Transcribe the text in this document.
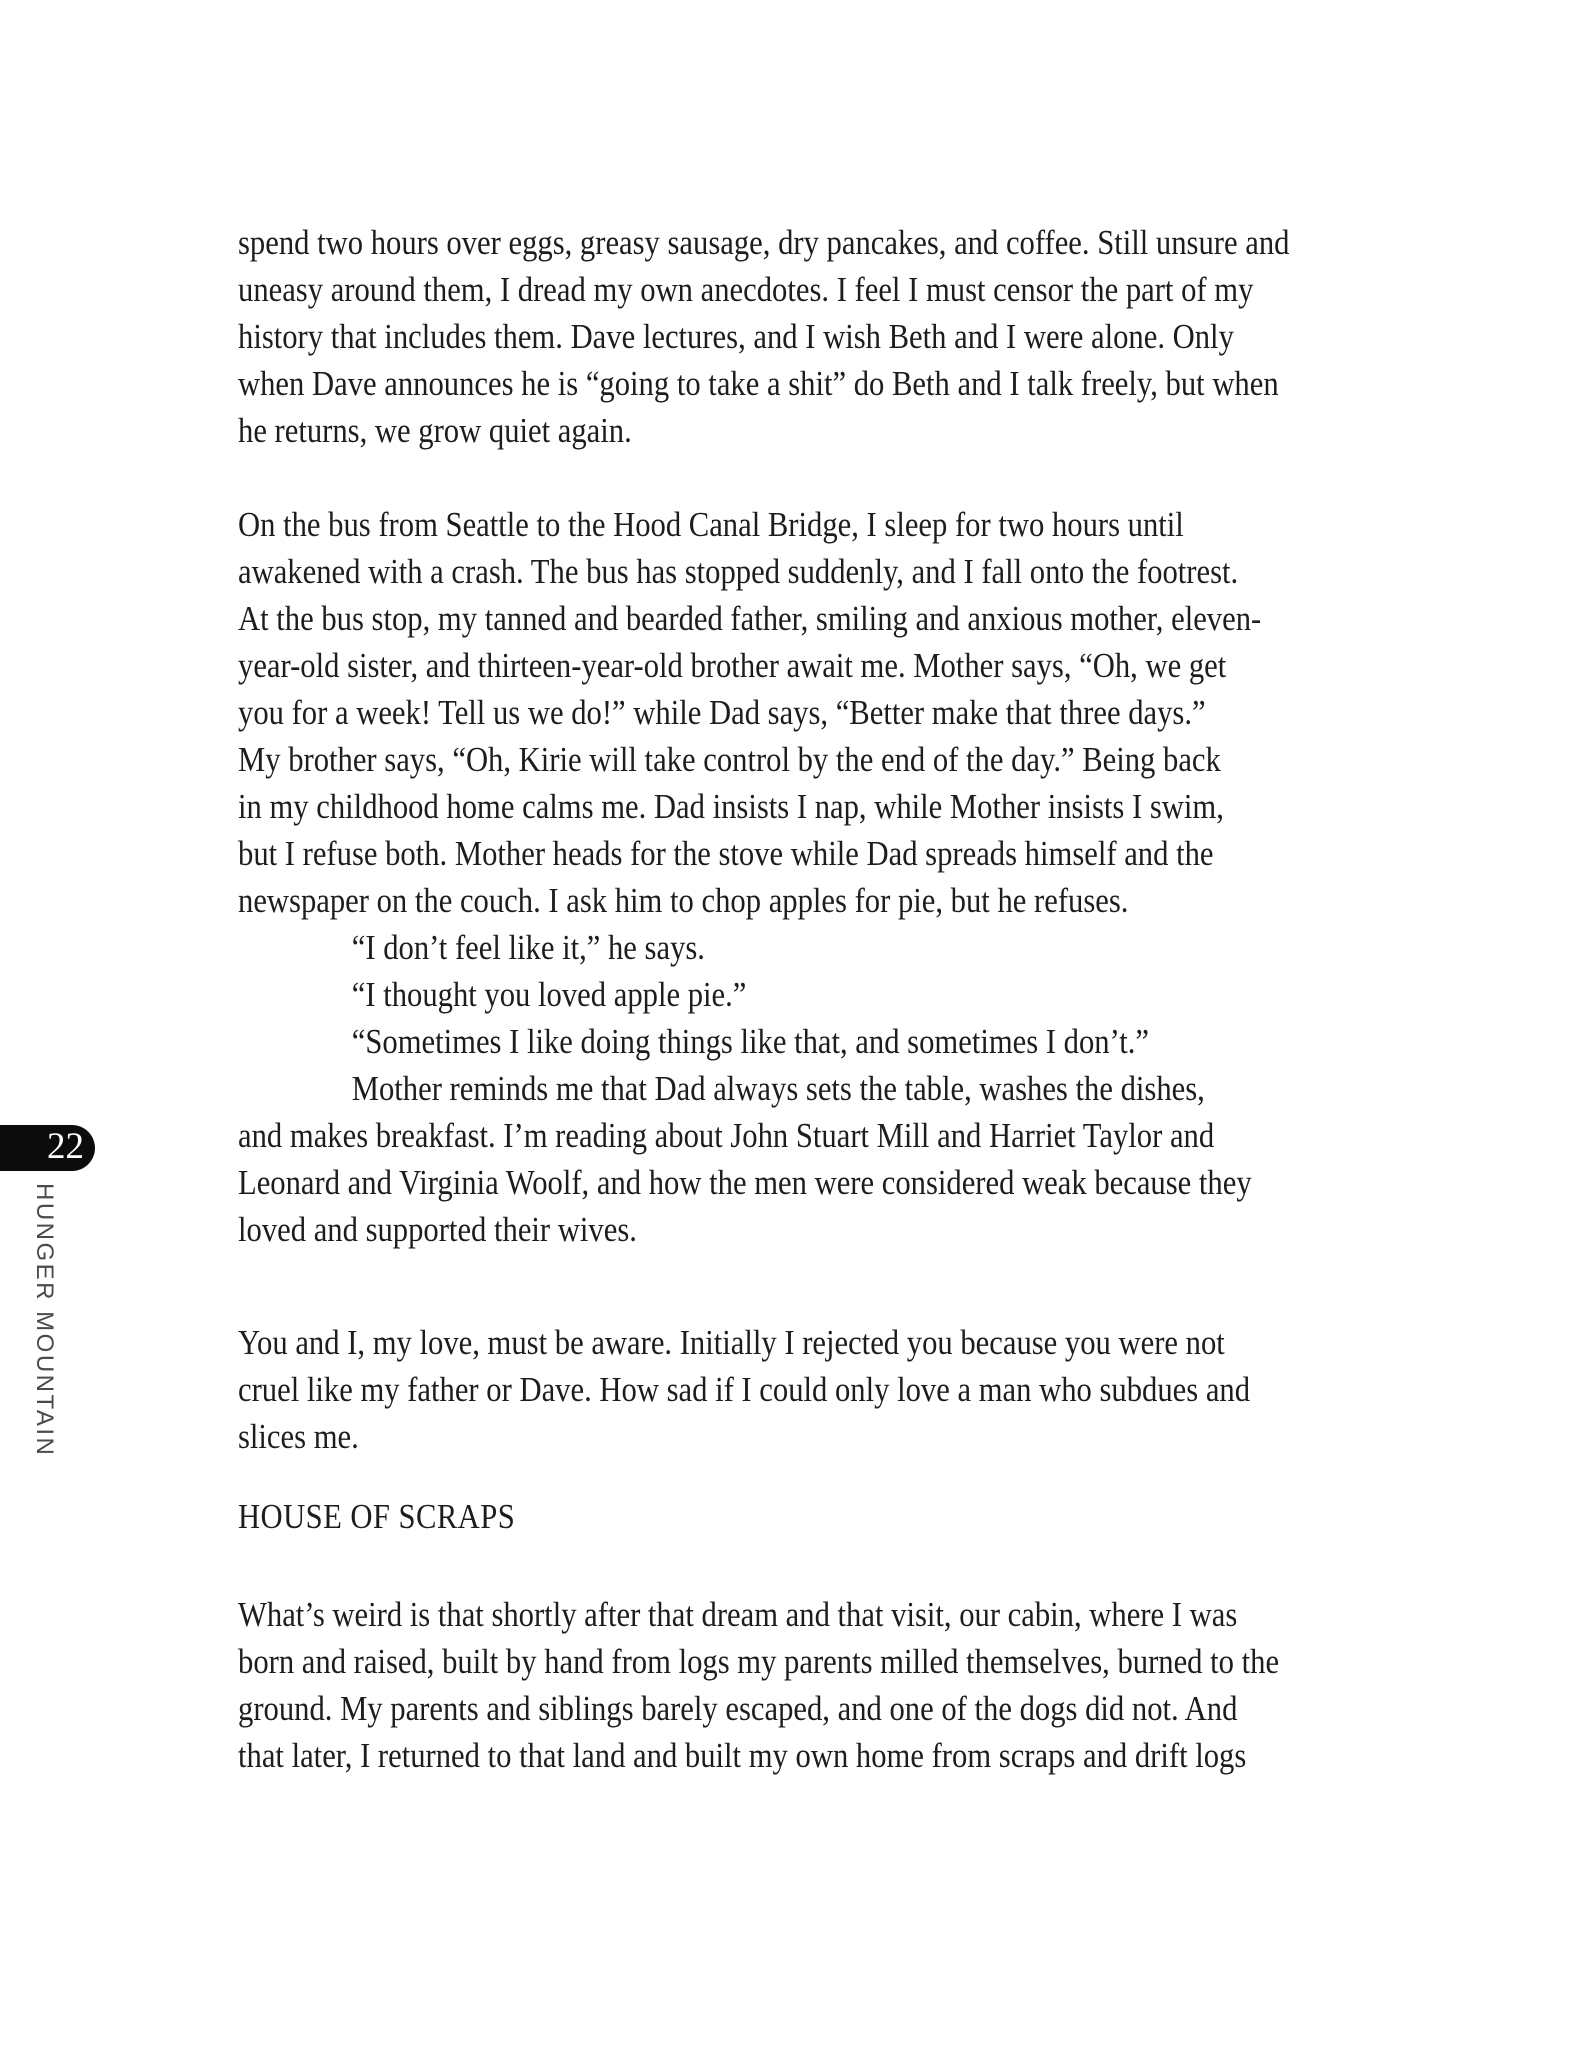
22
HUNGER MOUNTAIN
spend two hours over eggs, greasy sausage, dry pancakes, and coffee. Still unsure and
uneasy around them, I dread my own anecdotes. I feel I must censor the part of my
history that includes them. Dave lectures, and I wish Beth and I were alone. Only
when Dave announces he is “going to take a shit” do Beth and I talk freely, but when
he returns, we grow quiet again.
On the bus from Seattle to the Hood Canal Bridge, I sleep for two hours until
awakened with a crash. The bus has stopped suddenly, and I fall onto the footrest.
At the bus stop, my tanned and bearded father, smiling and anxious mother, eleven-
year-old sister, and thirteen-year-old brother await me. Mother says, “Oh, we get
you for a week! Tell us we do!” while Dad says, “Better make that three days.”
My brother says, “Oh, Kirie will take control by the end of the day.” Being back
in my childhood home calms me. Dad insists I nap, while Mother insists I swim,
but I refuse both. Mother heads for the stove while Dad spreads himself and the
newspaper on the couch. I ask him to chop apples for pie, but he refuses.
“I don’t feel like it,” he says.
“I thought you loved apple pie.”
“Sometimes I like doing things like that, and sometimes I don’t.”
Mother reminds me that Dad always sets the table, washes the dishes,
and makes breakfast. I’m reading about John Stuart Mill and Harriet Taylor and
Leonard and Virginia Woolf, and how the men were considered weak because they
loved and supported their wives.
You and I, my love, must be aware. Initially I rejected you because you were not
cruel like my father or Dave. How sad if I could only love a man who subdues and
slices me.
HOUSE OF SCRAPS
What’s weird is that shortly after that dream and that visit, our cabin, where I was
born and raised, built by hand from logs my parents milled themselves, burned to the
ground. My parents and siblings barely escaped, and one of the dogs did not. And
that later, I returned to that land and built my own home from scraps and drift logs
